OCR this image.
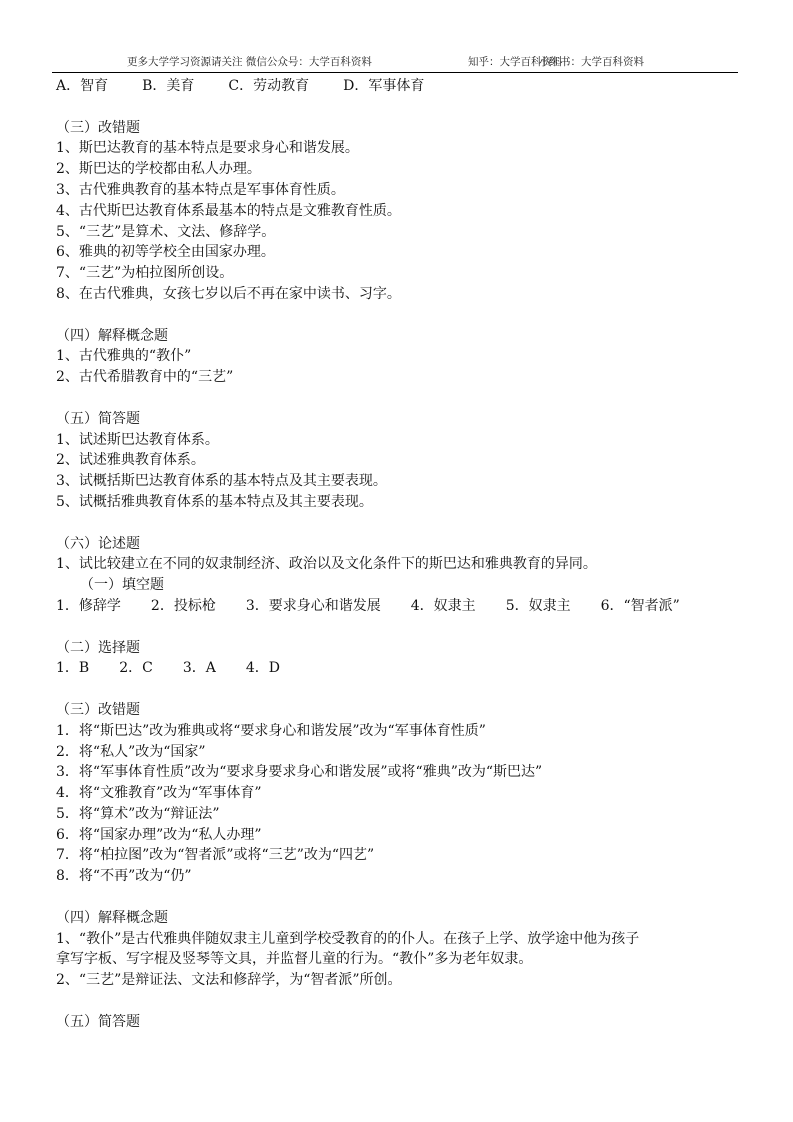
更多大学学习资源请关注 微信公众号：大学百科资料	知乎：大学百科资料
小红书：大学百科资料
A．智育 B．美育 C．劳动教育 D．军事体育
（三）改错题
1、斯巴达教育的基本特点是要求身心和谐发展。
2、斯巴达的学校都由私人办理。
3、古代雅典教育的基本特点是军事体育性质。
4、古代斯巴达教育体系最基本的特点是文雅教育性质。
5、“三艺”是算术、文法、修辞学。
6、雅典的初等学校全由国家办理。
7、“三艺”为柏拉图所创设。
8、在古代雅典，女孩七岁以后不再在家中读书、习字。
（四）解释概念题
1、古代雅典的“教仆”
2、古代希腊教育中的“三艺”
（五）简答题
1、试述斯巴达教育体系。
2、试述雅典教育体系。
3、试概括斯巴达教育体系的基本特点及其主要表现。
5、试概括雅典教育体系的基本特点及其主要表现。
（六）论述题
1、试比较建立在不同的奴隶制经济、政治以及文化条件下的斯巴达和雅典教育的异同。
（一）填空题
1．修辞学 2．投标枪 3．要求身心和谐发展 4．奴隶主 5．奴隶主 6．“智者派”
（二）选择题
1．B 2．C 3．A 4．D
（三）改错题
1．将“斯巴达”改为雅典或将“要求身心和谐发展”改为“军事体育性质”
2．将“私人”改为“国家”
3．将“军事体育性质”改为“要求身要求身心和谐发展”或将“雅典”改为“斯巴达”
4．将“文雅教育”改为“军事体育”
5．将“算术”改为“辩证法”
6．将“国家办理”改为“私人办理”
7．将“柏拉图”改为“智者派”或将“三艺”改为“四艺”
8．将“不再”改为“仍”
（四）解释概念题
1、“教仆”是古代雅典伴随奴隶主儿童到学校受教育的的仆人。在孩子上学、放学途中他为孩子
拿写字板、写字棍及竖琴等文具，并监督儿童的行为。“教仆”多为老年奴隶。
2、“三艺”是辩证法、文法和修辞学，为“智者派”所创。
（五）简答题
